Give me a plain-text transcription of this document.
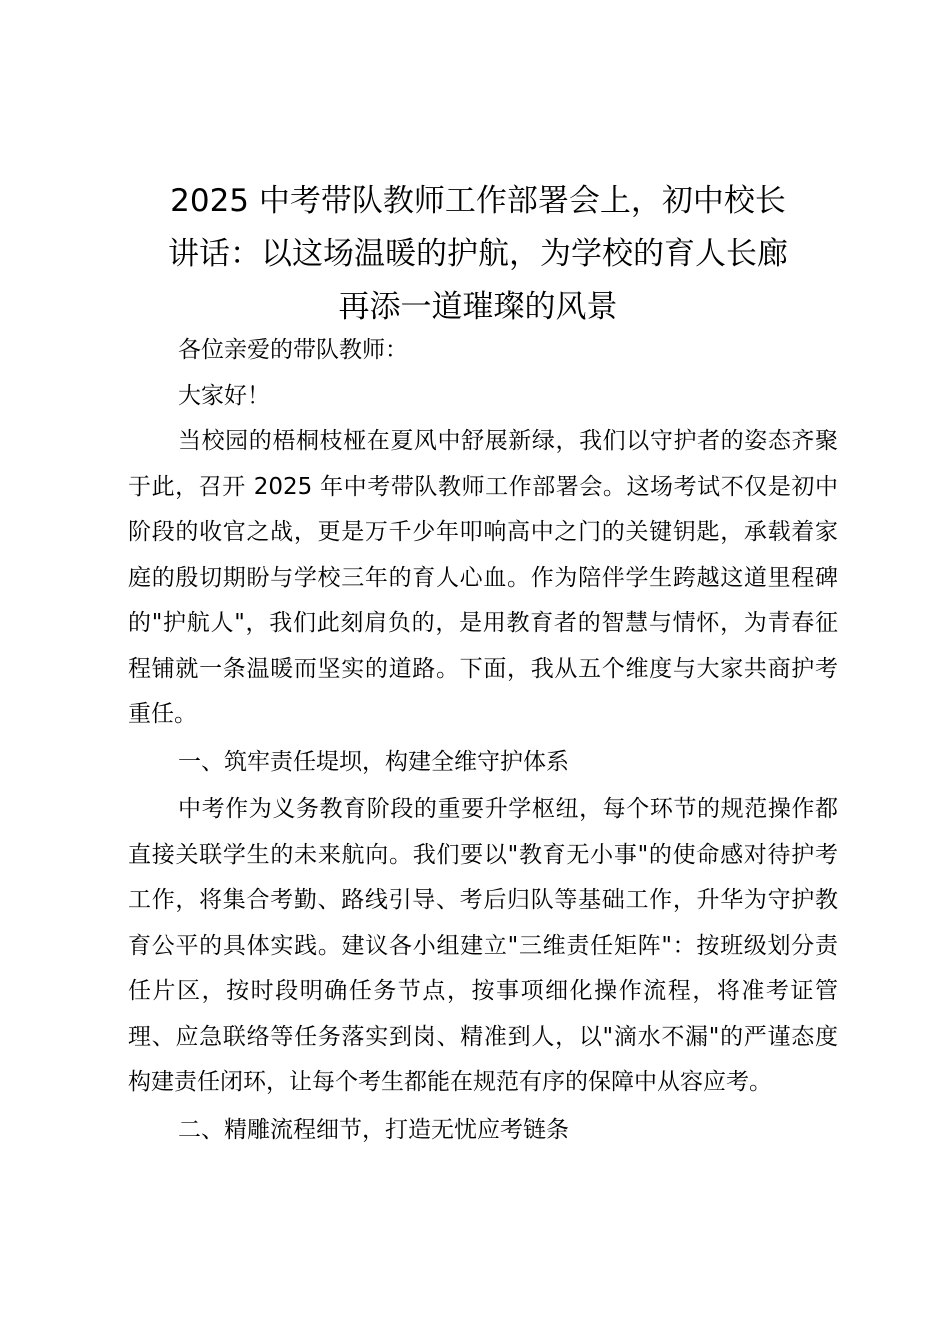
2025 中考带队教师工作部署会上，初中校长
讲话：以这场温暖的护航，为学校的育人长廊
再添一道璀璨的风景

各位亲爱的带队教师：

大家好！

当校园的梧桐枝桠在夏风中舒展新绿，我们以守护者的姿态齐聚于此，召开 2025 年中考带队教师工作部署会。这场考试不仅是初中阶段的收官之战，更是万千少年叩响高中之门的关键钥匙，承载着家庭的殷切期盼与学校三年的育人心血。作为陪伴学生跨越这道里程碑的"护航人"，我们此刻肩负的，是用教育者的智慧与情怀，为青春征程铺就一条温暖而坚实的道路。下面，我从五个维度与大家共商护考重任。

一、筑牢责任堤坝，构建全维守护体系

中考作为义务教育阶段的重要升学枢纽，每个环节的规范操作都直接关联学生的未来航向。我们要以"教育无小事"的使命感对待护考工作，将集合考勤、路线引导、考后归队等基础工作，升华为守护教育公平的具体实践。建议各小组建立"三维责任矩阵"：按班级划分责任片区，按时段明确任务节点，按事项细化操作流程，将准考证管理、应急联络等任务落实到岗、精准到人，以"滴水不漏"的严谨态度构建责任闭环，让每个考生都能在规范有序的保障中从容应考。

二、精雕流程细节，打造无忧应考链条
